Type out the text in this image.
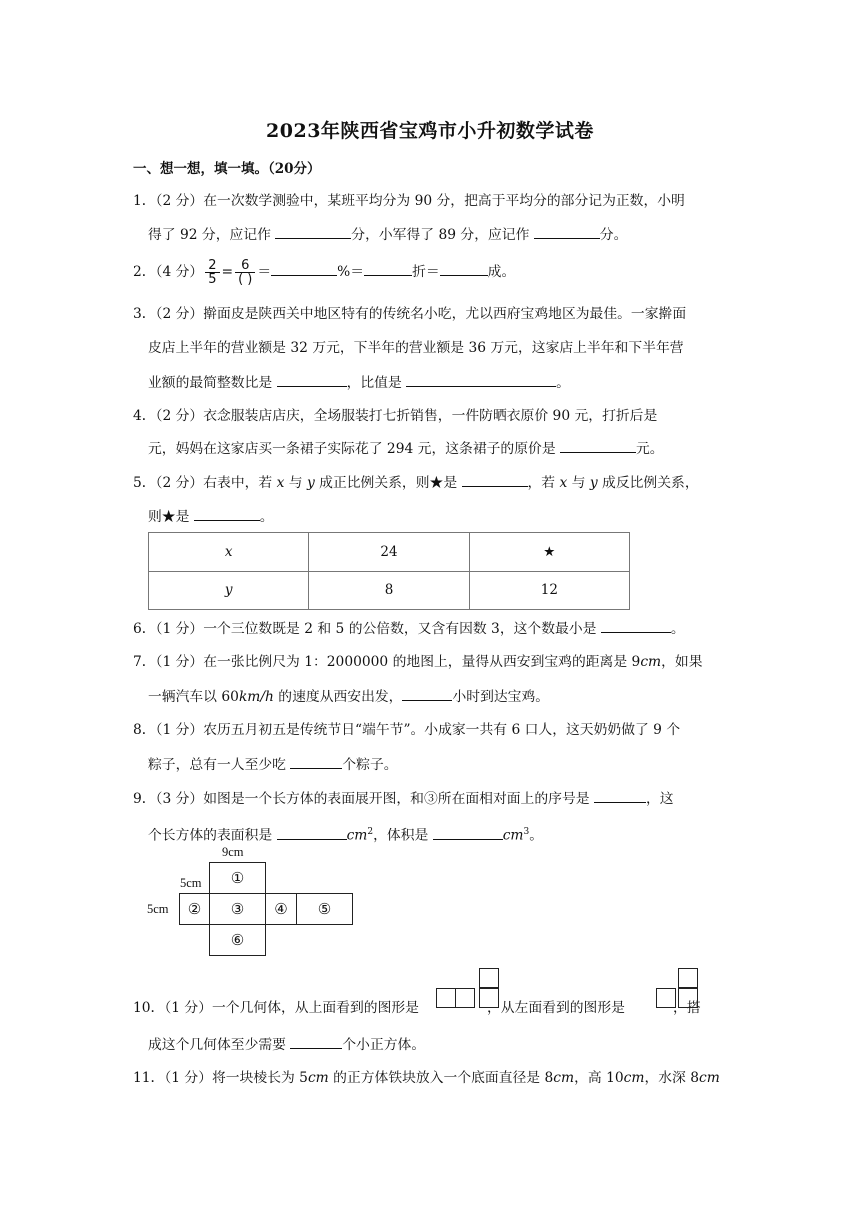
2023年陕西省宝鸡市小升初数学试卷
一、想一想，填一填。（20分）
1．（2 分）在一次数学测验中，某班平均分为 90 分，把高于平均分的部分记为正数，小明
得了 92 分，应记作	分，小军得了 89 分，应记作	分。
2．（4 分） $\frac{2}{5} = \frac{6}{( )}$ ＝	%＝	折＝	成。
3．（2 分）擀面皮是陕西关中地区特有的传统名小吃，尤以西府宝鸡地区为最佳。一家擀面
皮店上半年的营业额是 32 万元，下半年的营业额是 36 万元，这家店上半年和下半年营
业额的最简整数比是	，比值是	。
4．（2 分）衣念服装店店庆，全场服装打七折销售，一件防晒衣原价 90 元，打折后是
元，妈妈在这家店买一条裙子实际花了 294 元，这条裙子的原价是	元。
5．（2 分）右表中，若 x 与 y 成正比例关系，则★是	，若 x 与 y 成反比例关系，
则★是	。
x	24	★
y	8	12
6．（1 分）一个三位数既是 2 和 5 的公倍数，又含有因数 3，这个数最小是	。
7．（1 分）在一张比例尺为 1：2000000 的地图上，量得从西安到宝鸡的距离是 9cm，如果
一辆汽车以 60km/h 的速度从西安出发，	小时到达宝鸡。
8．（1 分）农历五月初五是传统节日“端午节”。小成家一共有 6 口人，这天奶奶做了 9 个
粽子，总有一人至少吃	个粽子。
9．（3 分）如图是一个长方体的表面展开图，和③所在面相对面上的序号是	，这
个长方体的表面积是	$cm^2$，体积是	$cm^3$。
9cm
5cm
5cm
①
②	③	④	⑤
⑥
10．（1 分）一个几何体，从上面看到的图形是	，从左面看到的图形是	，搭
成这个几何体至少需要	个小正方体。
11．（1 分）将一块棱长为 5cm 的正方体铁块放入一个底面直径是 8cm，高 10cm，水深 8cm
